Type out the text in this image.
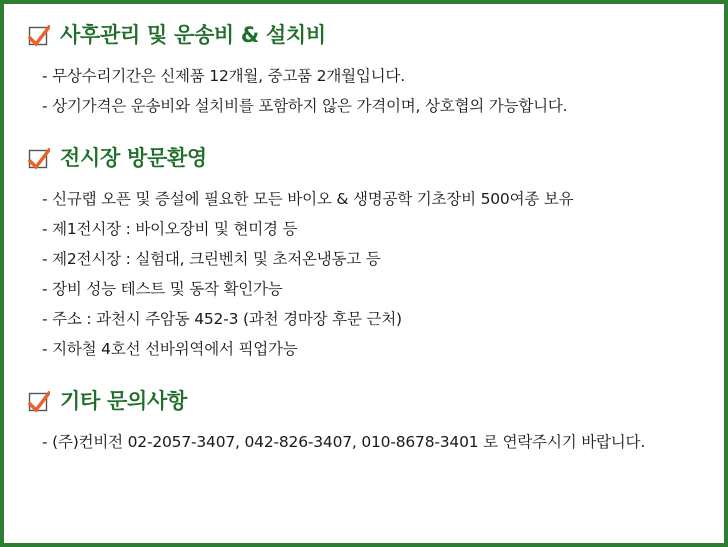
사후관리 및 운송비 & 설치비
- 무상수리기간은 신제품 12개월, 중고품 2개월입니다.
- 상기가격은 운송비와 설치비를 포함하지 않은 가격이며, 상호협의 가능합니다.
전시장 방문환영
- 신규랩 오픈 및 증설에 필요한 모든 바이오 & 생명공학 기초장비 500여종 보유
- 제1전시장 : 바이오장비 및 현미경 등
- 제2전시장 : 실험대, 크린벤치 및 초저온냉동고 등
- 장비 성능 테스트 및 동작 확인가능
- 주소 : 과천시 주암동 452-3 (과천 경마장 후문 근처)
- 지하철 4호선 선바위역에서 픽업가능
기타 문의사항
- (주)컨비전 02-2057-3407, 042-826-3407, 010-8678-3401 로 연락주시기 바랍니다.
